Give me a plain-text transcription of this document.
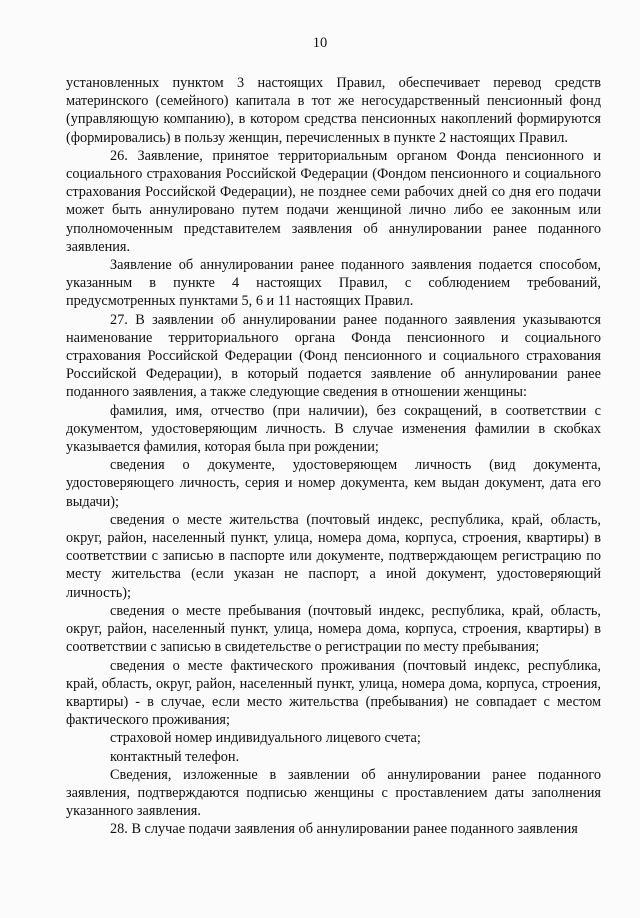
10

установленных пунктом 3 настоящих Правил, обеспечивает перевод средств материнского (семейного) капитала в тот же негосударственный пенсионный фонд (управляющую компанию), в котором средства пенсионных накоплений формируются (формировались) в пользу женщин, перечисленных в пункте 2 настоящих Правил.

26. Заявление, принятое территориальным органом Фонда пенсионного и социального страхования Российской Федерации (Фондом пенсионного и социального страхования Российской Федерации), не позднее семи рабочих дней со дня его подачи может быть аннулировано путем подачи женщиной лично либо ее законным или уполномоченным представителем заявления об аннулировании ранее поданного заявления.

Заявление об аннулировании ранее поданного заявления подается способом, указанным в пункте 4 настоящих Правил, с соблюдением требований, предусмотренных пунктами 5, 6 и 11 настоящих Правил.

27. В заявлении об аннулировании ранее поданного заявления указываются наименование территориального органа Фонда пенсионного и социального страхования Российской Федерации (Фонд пенсионного и социального страхования Российской Федерации), в который подается заявление об аннулировании ранее поданного заявления, а также следующие сведения в отношении женщины:

фамилия, имя, отчество (при наличии), без сокращений, в соответствии с документом, удостоверяющим личность. В случае изменения фамилии в скобках указывается фамилия, которая была при рождении;

сведения о документе, удостоверяющем личность (вид документа, удостоверяющего личность, серия и номер документа, кем выдан документ, дата его выдачи);

сведения о месте жительства (почтовый индекс, республика, край, область, округ, район, населенный пункт, улица, номера дома, корпуса, строения, квартиры) в соответствии с записью в паспорте или документе, подтверждающем регистрацию по месту жительства (если указан не паспорт, а иной документ, удостоверяющий личность);

сведения о месте пребывания (почтовый индекс, республика, край, область, округ, район, населенный пункт, улица, номера дома, корпуса, строения, квартиры) в соответствии с записью в свидетельстве о регистрации по месту пребывания;

сведения о месте фактического проживания (почтовый индекс, республика, край, область, округ, район, населенный пункт, улица, номера дома, корпуса, строения, квартиры) - в случае, если место жительства (пребывания) не совпадает с местом фактического проживания;

страховой номер индивидуального лицевого счета;

контактный телефон.

Сведения, изложенные в заявлении об аннулировании ранее поданного заявления, подтверждаются подписью женщины с проставлением даты заполнения указанного заявления.

28. В случае подачи заявления об аннулировании ранее поданного заявления
